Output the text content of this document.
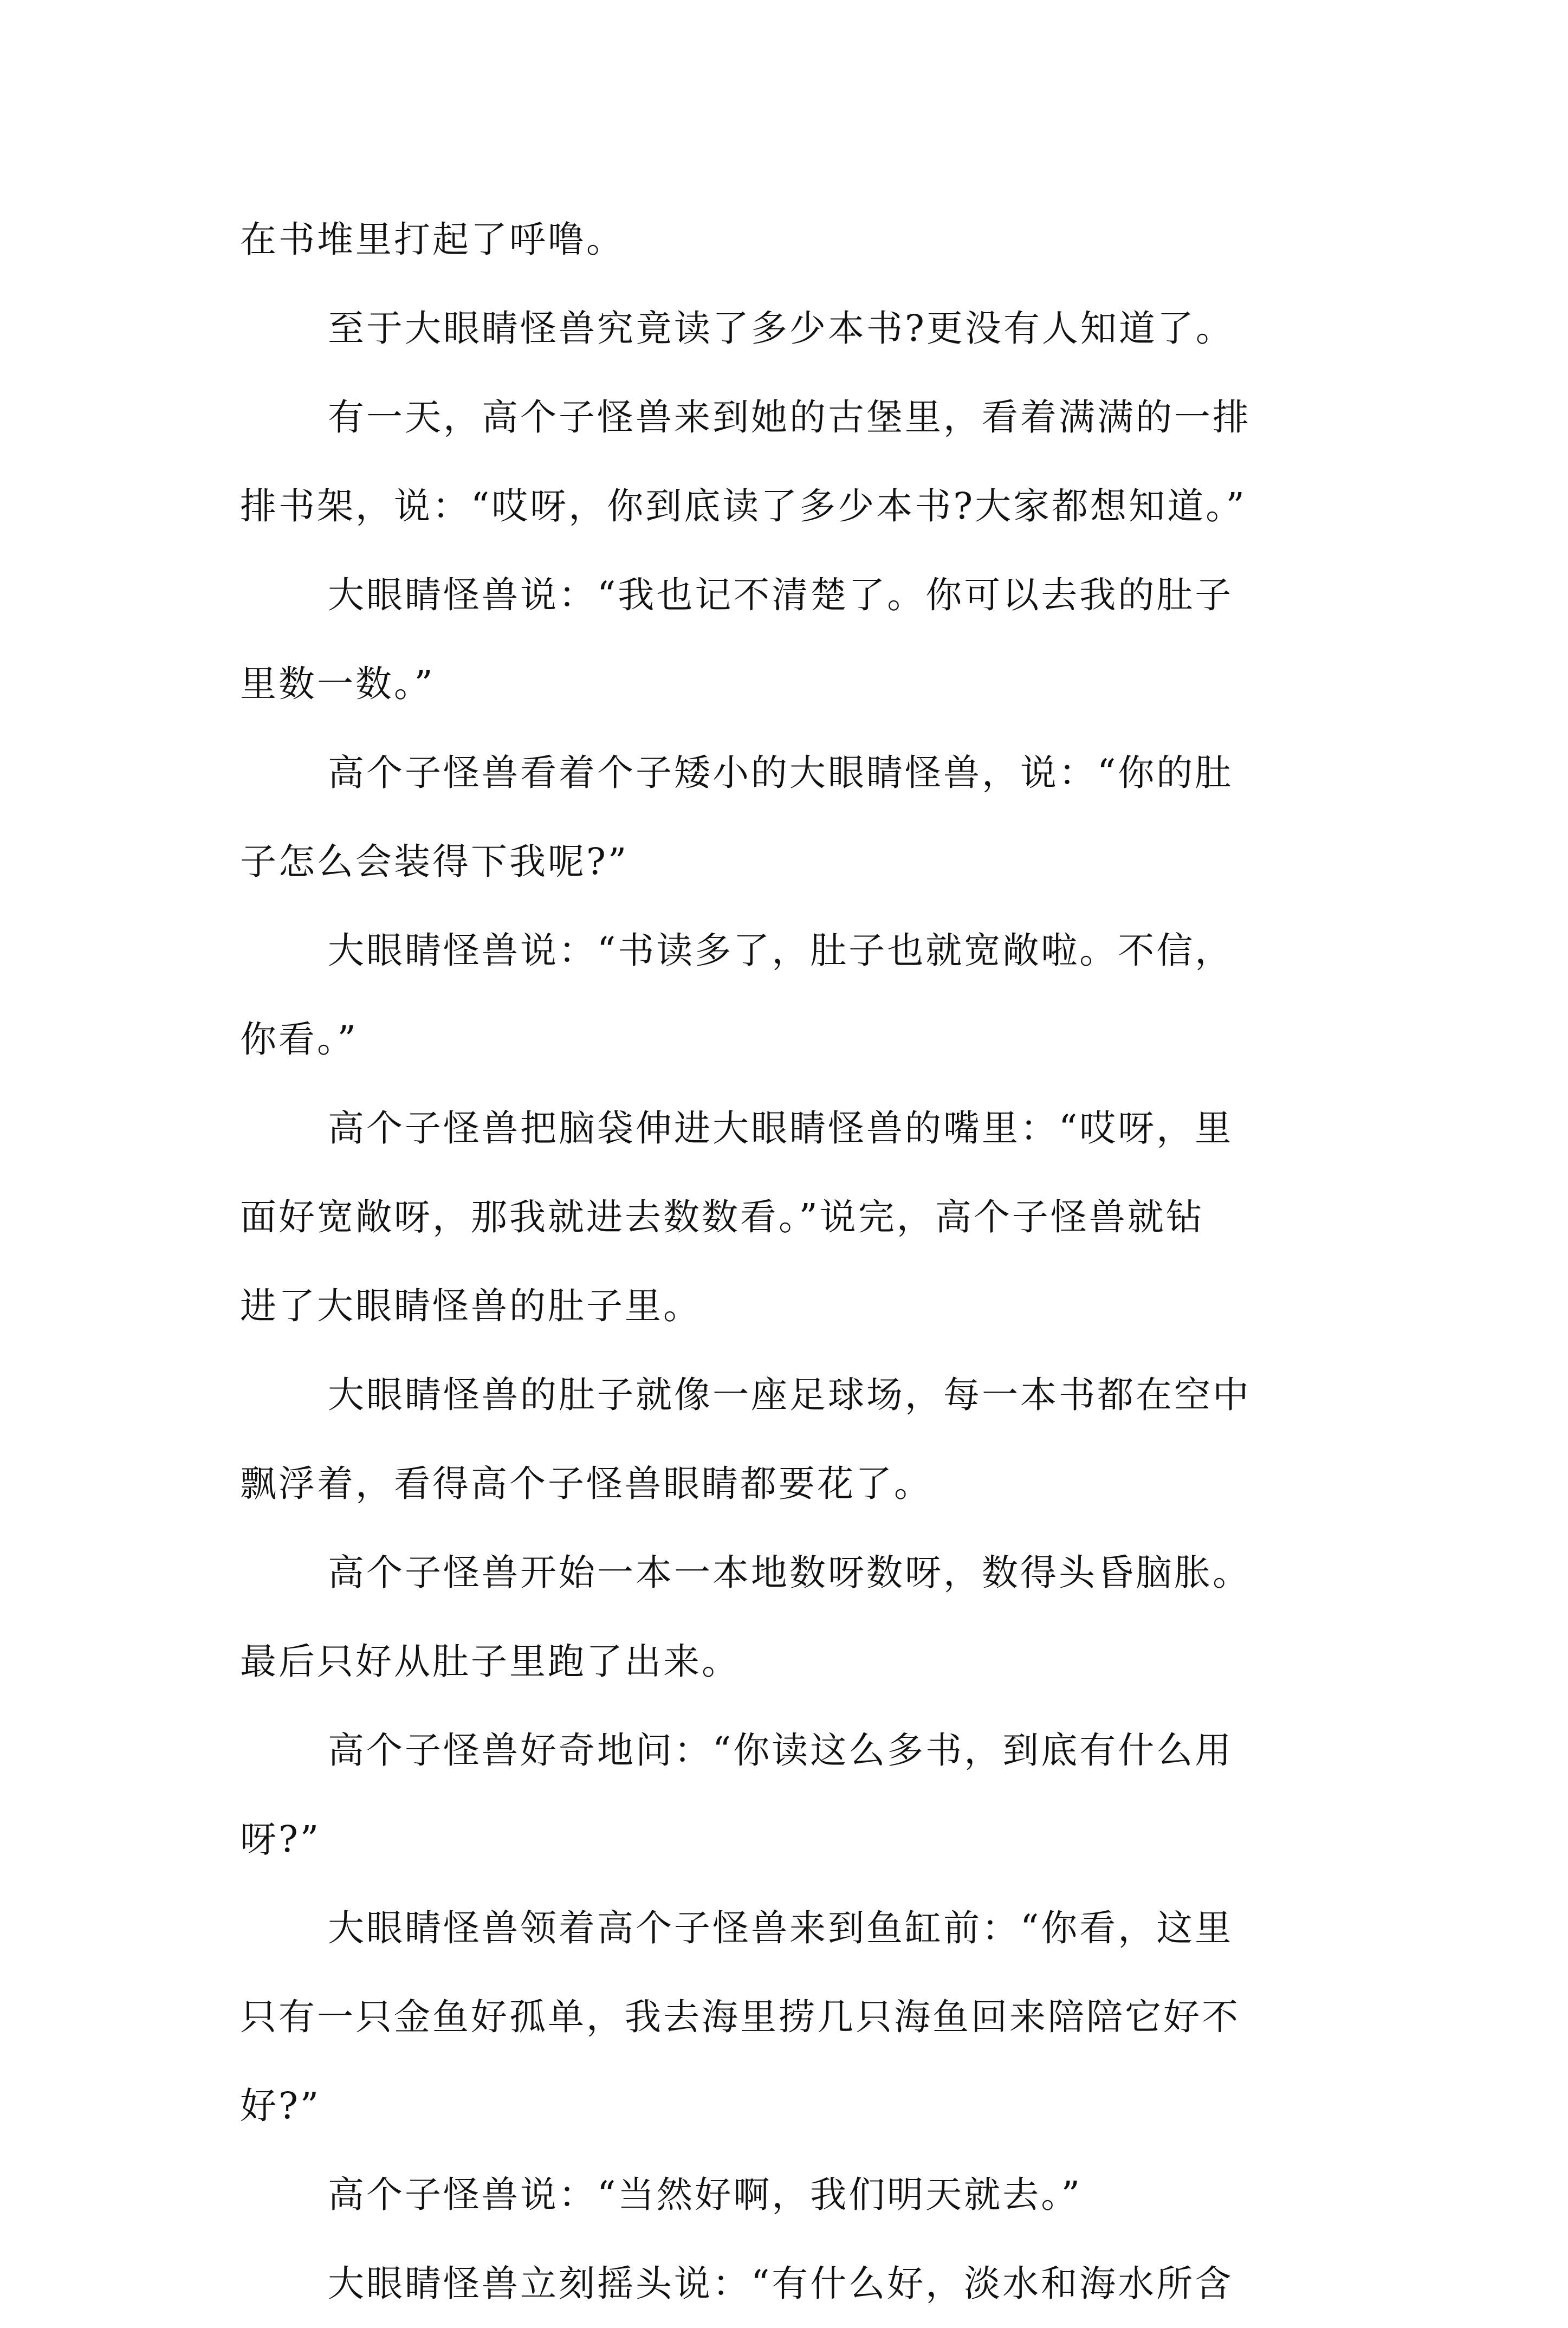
在书堆里打起了呼噜。
至于大眼睛怪兽究竟读了多少本书?更没有人知道了。
有一天，高个子怪兽来到她的古堡里，看着满满的一排
排书架，说：“哎呀，你到底读了多少本书?大家都想知道。”
大眼睛怪兽说：“我也记不清楚了。你可以去我的肚子
里数一数。”
高个子怪兽看着个子矮小的大眼睛怪兽，说：“你的肚
子怎么会装得下我呢?”
大眼睛怪兽说：“书读多了，肚子也就宽敞啦。不信，
你看。”
高个子怪兽把脑袋伸进大眼睛怪兽的嘴里：“哎呀，里
面好宽敞呀，那我就进去数数看。”说完，高个子怪兽就钻
进了大眼睛怪兽的肚子里。
大眼睛怪兽的肚子就像一座足球场，每一本书都在空中
飘浮着，看得高个子怪兽眼睛都要花了。
高个子怪兽开始一本一本地数呀数呀，数得头昏脑胀。
最后只好从肚子里跑了出来。
高个子怪兽好奇地问：“你读这么多书，到底有什么用
呀?”
大眼睛怪兽领着高个子怪兽来到鱼缸前：“你看，这里
只有一只金鱼好孤单，我去海里捞几只海鱼回来陪陪它好不
好?”
高个子怪兽说：“当然好啊，我们明天就去。”
大眼睛怪兽立刻摇头说：“有什么好，淡水和海水所含
